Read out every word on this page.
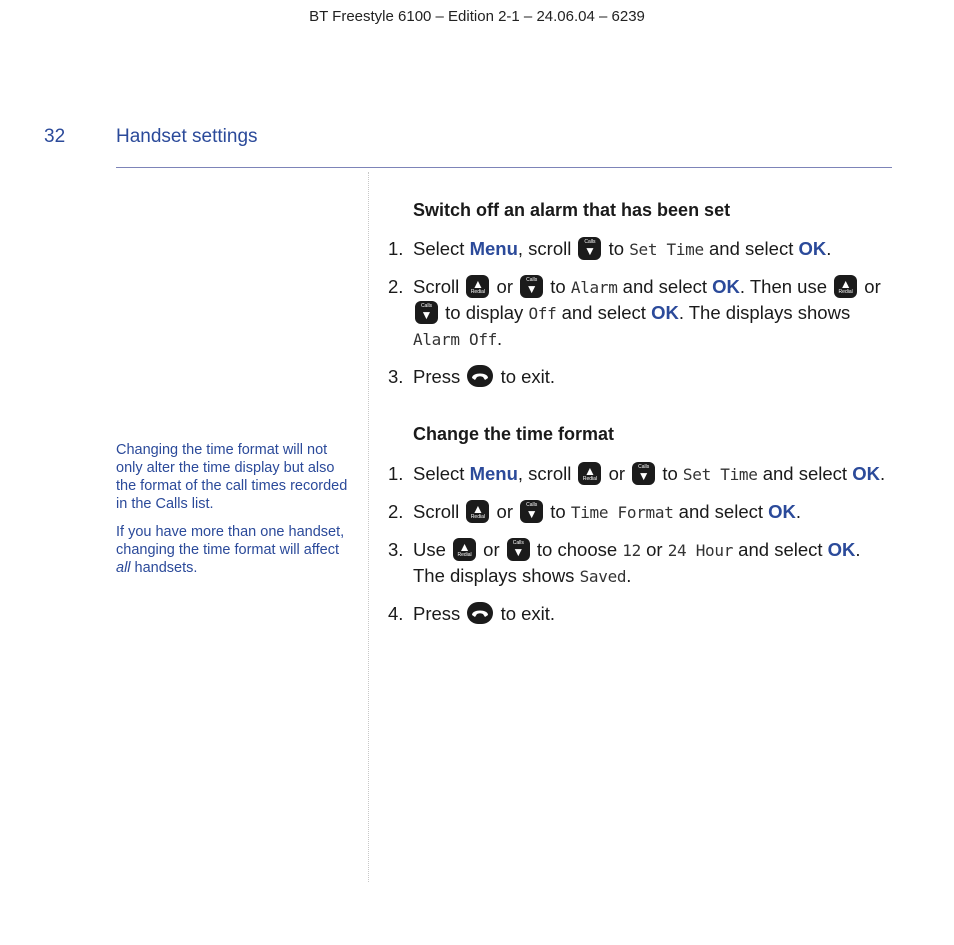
BT Freestyle 6100 – Edition 2-1 – 24.06.04 – 6239
32	Handset settings

Changing the time format will not only alter the time display but also the format of the call times recorded in the Calls list.

If you have more than one handset, changing the time format will affect all handsets.

Switch off an alarm that has been set
1. Select Menu, scroll	Calls
▼ to Set Time and select OK.
2. Scroll ▲
Redial or	Calls
▼ to Alarm and select OK. Then use ▲
Redial or
Calls
▼ to display Off and select OK. The displays shows Alarm Off.
3. Press
to exit.
Change the time format
1. Select Menu, scroll ▲
Redial or	Calls
▼ to Set Time and select OK.
2. Scroll ▲
Redial or	Calls
▼ to Time Format and select OK.
3. Use ▲
Redial or	Calls
▼ to choose 12 or 24 Hour and select OK. The displays shows Saved.
4. Press
to exit.
